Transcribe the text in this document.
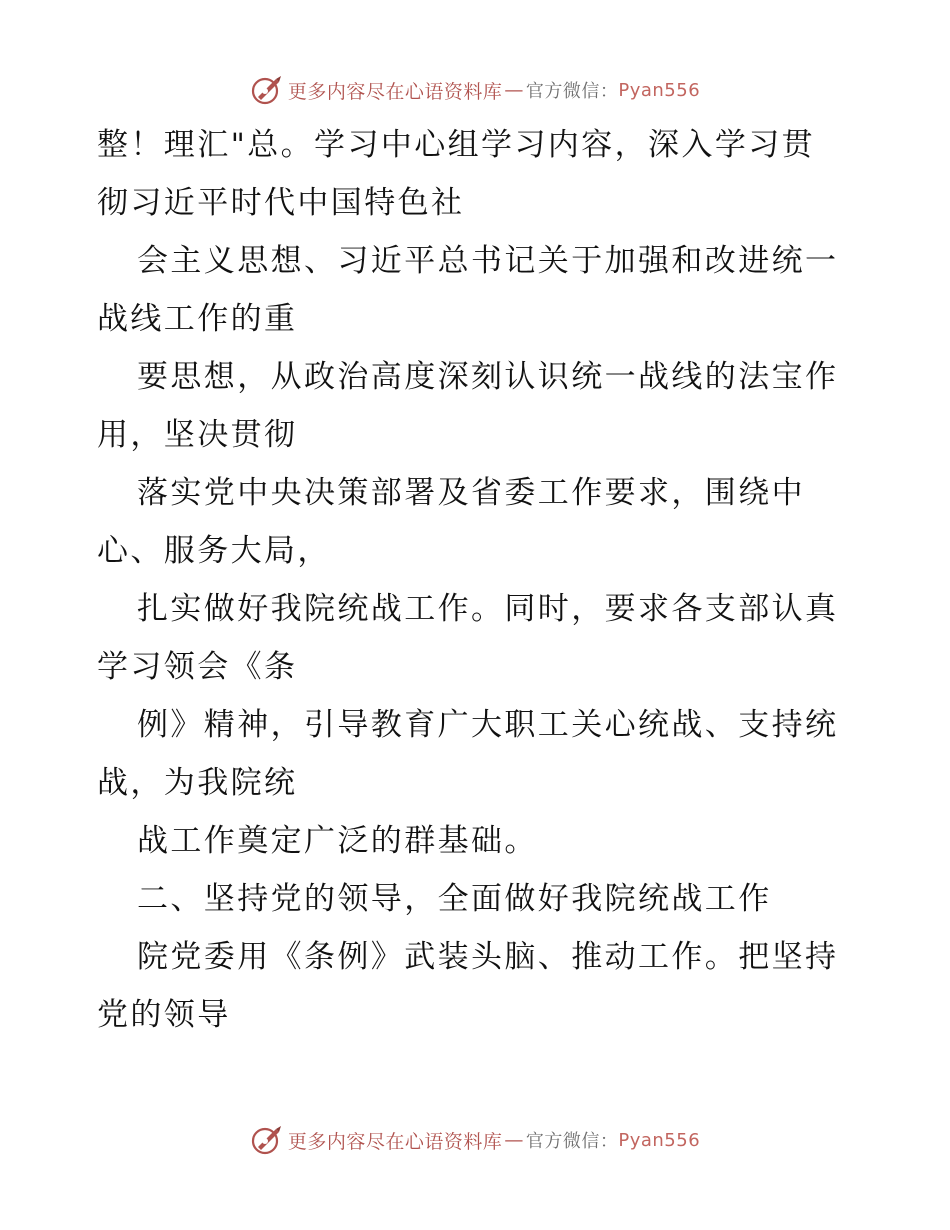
更多内容尽在心语资料库 — 官方微信： Pyan556
整！理汇"总。学习中心组学习内容，深入学习贯
彻习近平时代中国特色社
会主义思想、习近平总书记关于加强和改进统一
战线工作的重
要思想，从政治高度深刻认识统一战线的法宝作
用，坚决贯彻
落实党中央决策部署及省委工作要求，围绕中
心、服务大局，
扎实做好我院统战工作。同时，要求各支部认真
学习领会《条
例》精神，引导教育广大职工关心统战、支持统
战，为我院统
战工作奠定广泛的群基础。
二、坚持党的领导，全面做好我院统战工作
院党委用《条例》武装头脑、推动工作。把坚持
党的领导
更多内容尽在心语资料库 — 官方微信： Pyan556
